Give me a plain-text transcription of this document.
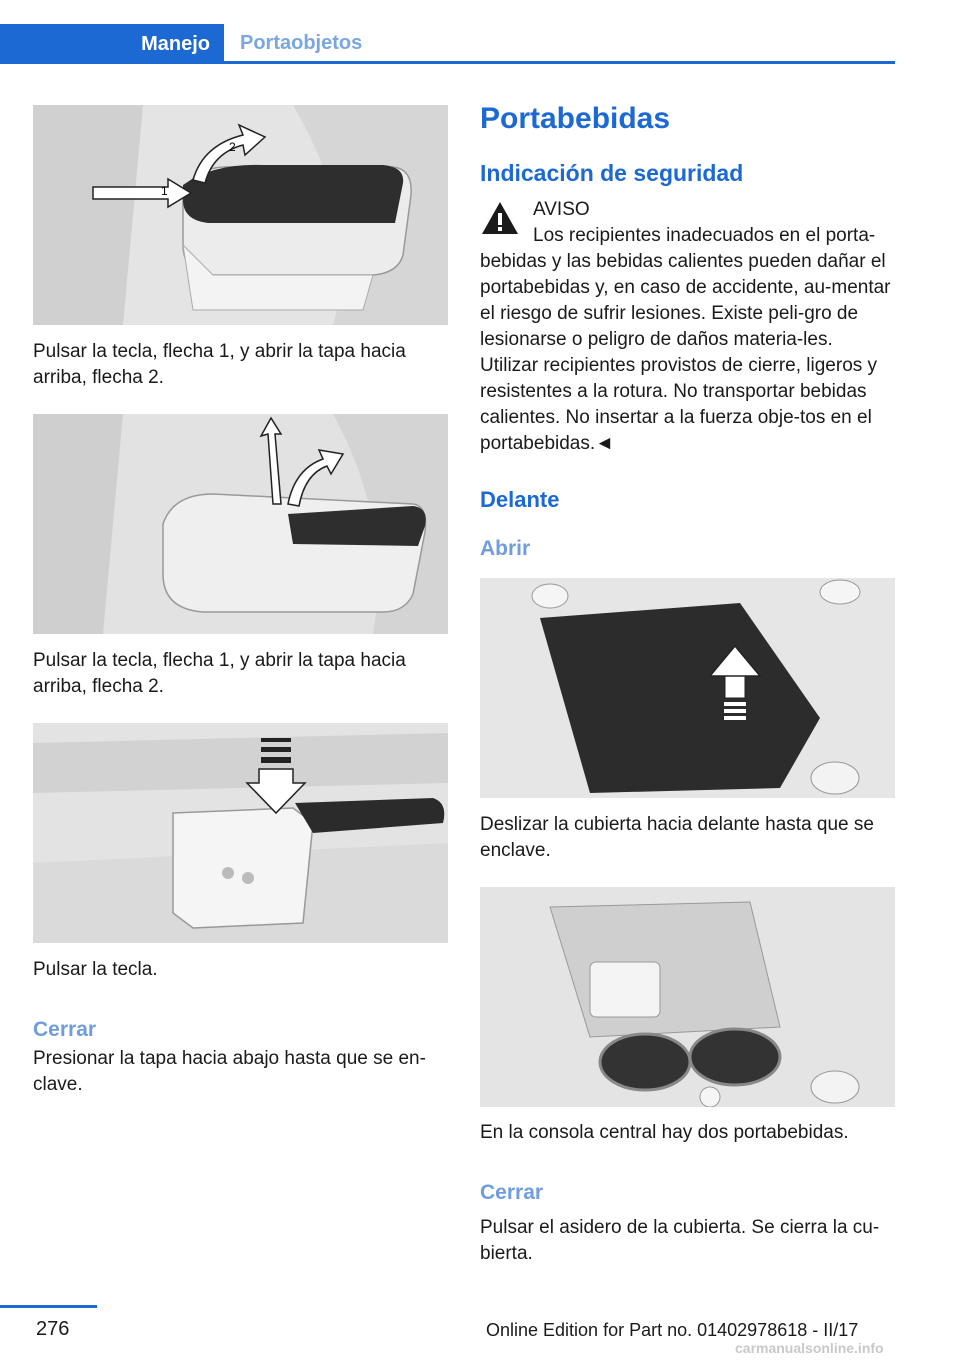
Manejo	Portaobjetos
1
2

Pulsar la tecla, flecha 1, y abrir la tapa hacia arriba, flecha 2.

Pulsar la tecla, flecha 1, y abrir la tapa hacia arriba, flecha 2.

Pulsar la tecla.

Cerrar

Presionar la tapa hacia abajo hasta que se en-clave.

Portabebidas
Indicación de seguridad

AVISO

Los recipientes inadecuados en el porta-bebidas y las bebidas calientes pueden dañar el portabebidas y, en caso de accidente, au-mentar el riesgo de sufrir lesiones. Existe peli-gro de lesionarse o peligro de daños materia-les. Utilizar recipientes provistos de cierre, ligeros y resistentes a la rotura. No transportar bebidas calientes. No insertar a la fuerza obje-tos en el portabebidas.◄

Delante
Abrir

Deslizar la cubierta hacia delante hasta que se enclave.

En la consola central hay dos portabebidas.

Cerrar

Pulsar el asidero de la cubierta. Se cierra la cu-bierta.

276	Online Edition for Part no. 01402978618 - II/17
carmanualsonline.info
